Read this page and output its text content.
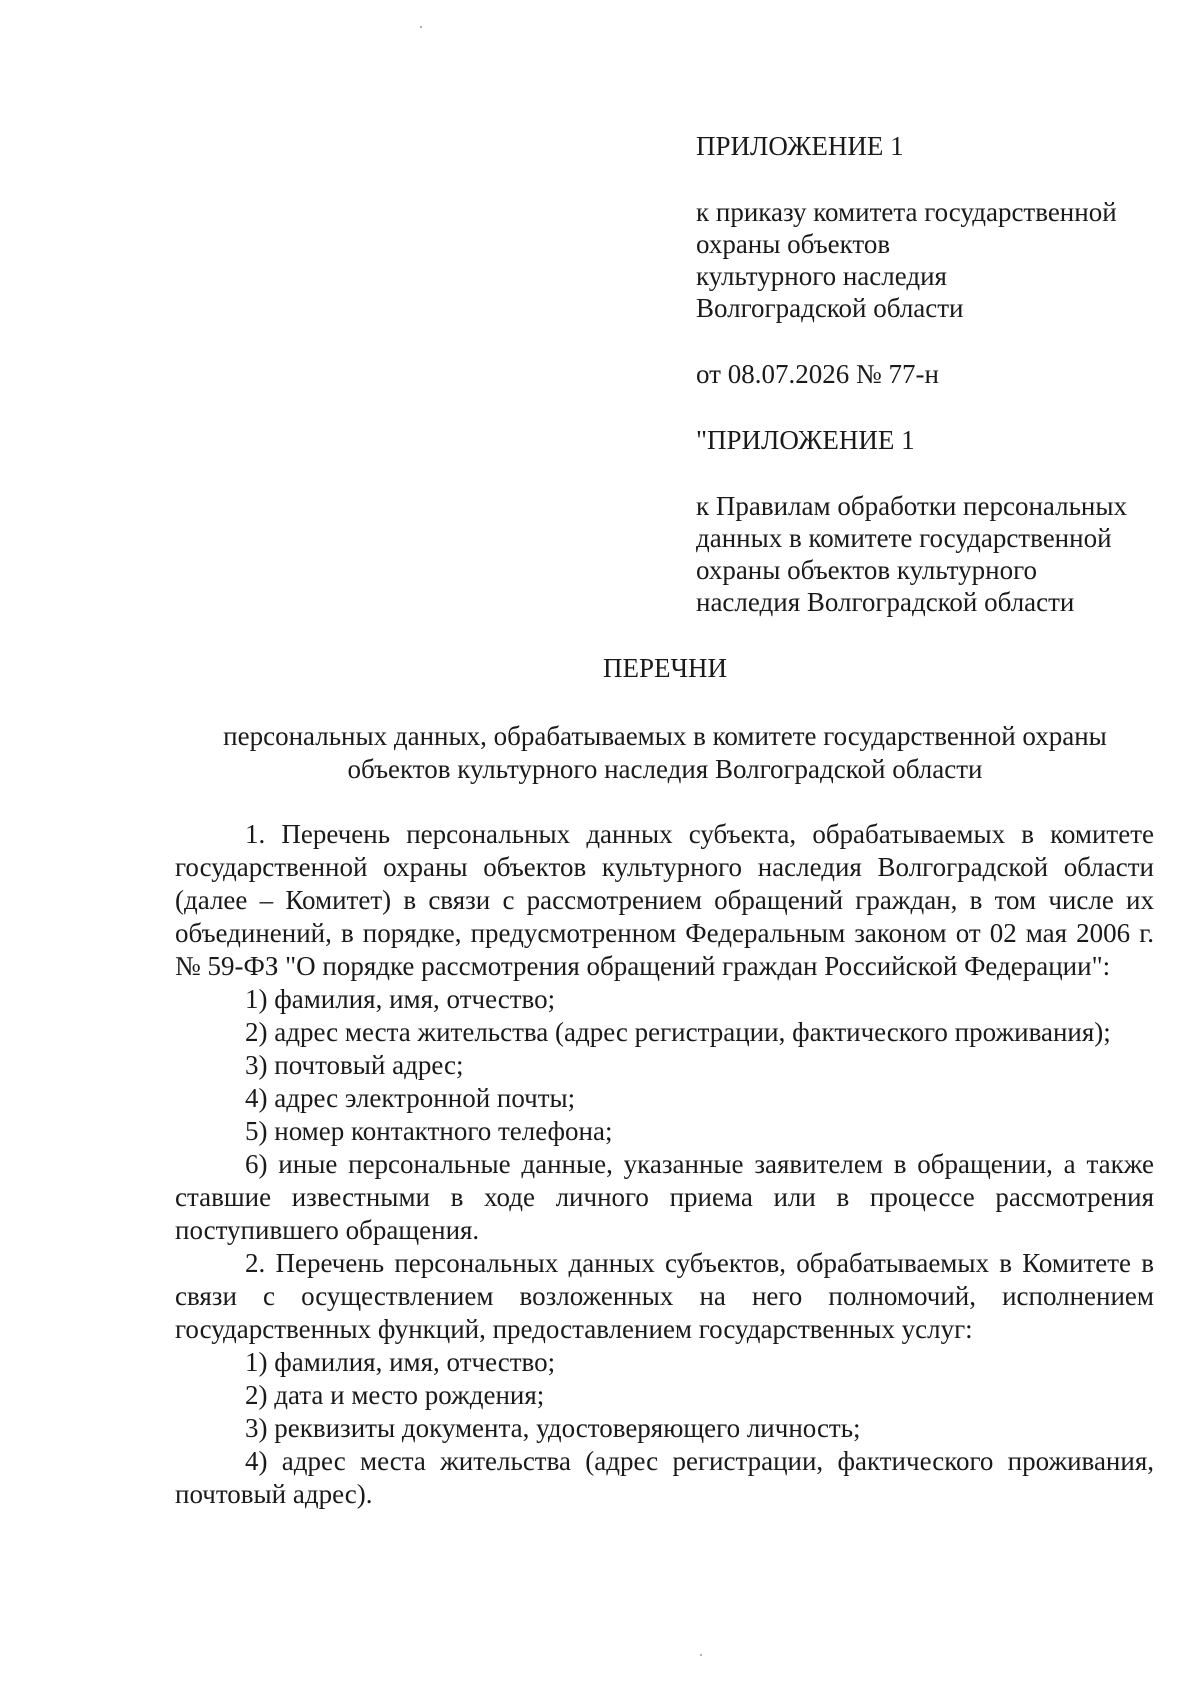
ПРИЛОЖЕНИЕ 1
к приказу комитета государственной
охраны объектов
культурного наследия
Волгоградской области
от 08.07.2026 № 77-н
"ПРИЛОЖЕНИЕ 1
к Правилам обработки персональных
данных в комитете государственной
охраны объектов культурного
наследия Волгоградской области
ПЕРЕЧНИ
персональных данных, обрабатываемых в комитете государственной охраны
объектов культурного наследия Волгоградской области

1. Перечень персональных данных субъекта, обрабатываемых в комитете государственной охраны объектов культурного наследия Волгоградской области (далее – Комитет) в связи с рассмотрением обращений граждан, в том числе их объединений, в порядке, предусмотренном Федеральным законом от 02 мая 2006 г. № 59-ФЗ "О порядке рассмотрения обращений граждан Российской Федерации":

1) фамилия, имя, отчество;

2) адрес места жительства (адрес регистрации, фактического проживания);

3) почтовый адрес;

4) адрес электронной почты;

5) номер контактного телефона;

6) иные персональные данные, указанные заявителем в обращении, а также ставшие известными в ходе личного приема или в процессе рассмотрения поступившего обращения.

2. Перечень персональных данных субъектов, обрабатываемых в Комитете в связи с осуществлением возложенных на него полномочий, исполнением государственных функций, предоставлением государственных услуг:

1) фамилия, имя, отчество;

2) дата и место рождения;

3) реквизиты документа, удостоверяющего личность;

4) адрес места жительства (адрес регистрации, фактического проживания, почтовый адрес).
